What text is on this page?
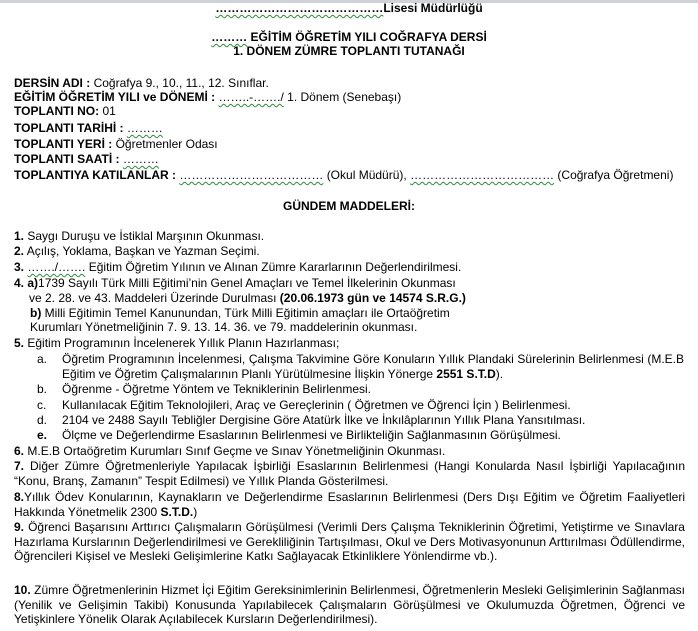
……………………………………Lisesi Müdürlüğü
……… EĞİTİM ÖĞRETİM YILI COĞRAFYA DERSİ
1. DÖNEM ZÜMRE TOPLANTI TUTANAĞI
DERSİN ADI : Coğrafya 9., 10., 11., 12. Sınıflar.
EĞİTİM ÖĞRETİM YILI ve DÖNEMİ : ……..-……./ 1. Dönem (Senebaşı)
TOPLANTI NO: 01
TOPLANTI TARİHİ : ………
TOPLANTI YERİ : Öğretmenler Odası
TOPLANTI SAATİ : ………
TOPLANTIYA KATILANLAR : ……………………………… (Okul Müdürü), ……………………………… (Coğrafya Öğretmeni)
GÜNDEM MADDELERİ:
1. Saygı Duruşu ve İstiklal Marşının Okunması.
2. Açılış, Yoklama, Başkan ve Yazman Seçimi.
3. ……./……. Eğitim Öğretim Yılının ve Alınan Zümre Kararlarının Değerlendirilmesi.
4. a)1739 Sayılı Türk Milli Eğitimi’nin Genel Amaçları ve Temel İlkelerinin Okunması
ve 2. 28. ve 43. Maddeleri Üzerinde Durulması (20.06.1973 gün ve 14574 S.R.G.)
b) Milli Eğitimin Temel Kanunundan, Türk Milli Eğitimin amaçları ile Ortaöğretim
Kurumları Yönetmeliğinin 7. 9. 13. 14. 36. ve 79. maddelerinin okunması.
5. Eğitim Programının İncelenerek Yıllık Planın Hazırlanması;
a. Öğretim Programının İncelenmesi, Çalışma Takvimine Göre Konuların Yıllık Plandaki Sürelerinin Belirlenmesi (M.E.B Eğitim ve Öğretim Çalışmalarının Planlı Yürütülmesine İlişkin Yönerge 2551 S.T.D).
b. Öğrenme - Öğretme Yöntem ve Tekniklerinin Belirlenmesi.
c. Kullanılacak Eğitim Teknolojileri, Araç ve Gereçlerinin ( Öğretmen ve Öğrenci İçin ) Belirlenmesi.
d. 2104 ve 2488 Sayılı Tebliğler Dergisine Göre Atatürk İlke ve İnkılâplarının Yıllık Plana Yansıtılması.
e. Ölçme ve Değerlendirme Esaslarının Belirlenmesi ve Birlikteliğin Sağlanmasının Görüşülmesi.
6. M.E.B Ortaöğretim Kurumları Sınıf Geçme ve Sınav Yönetmeliğinin Okunması.
7. Diğer Zümre Öğretmenleriyle Yapılacak İşbirliği Esaslarının Belirlenmesi (Hangi Konularda Nasıl İşbirliği Yapılacağının “Konu, Branş, Zamanın” Tespit Edilmesi) ve Yıllık Planda Gösterilmesi.
8.Yıllık Ödev Konularının, Kaynakların ve Değerlendirme Esaslarının Belirlenmesi (Ders Dışı Eğitim ve Öğretim Faaliyetleri Hakkında Yönetmelik 2300 S.T.D.)
9. Öğrenci Başarısını Arttırıcı Çalışmaların Görüşülmesi (Verimli Ders Çalışma Tekniklerinin Öğretimi, Yetiştirme ve Sınavlara Hazırlama Kurslarının Değerlendirilmesi ve Gerekliliğinin Tartışılması, Okul ve Ders Motivasyonunun Arttırılması Ödüllendirme, Öğrencileri Kişisel ve Mesleki Gelişimlerine Katkı Sağlayacak Etkinliklere Yönlendirme vb.).
10. Zümre Öğretmenlerinin Hizmet İçi Eğitim Gereksinimlerinin Belirlenmesi, Öğretmenlerin Mesleki Gelişimlerinin Sağlanması (Yenilik ve Gelişimin Takibi) Konusunda Yapılabilecek Çalışmaların Görüşülmesi ve Okulumuzda Öğretmen, Öğrenci ve Yetişkinlere Yönelik Olarak Açılabilecek Kursların Değerlendirilmesi).
